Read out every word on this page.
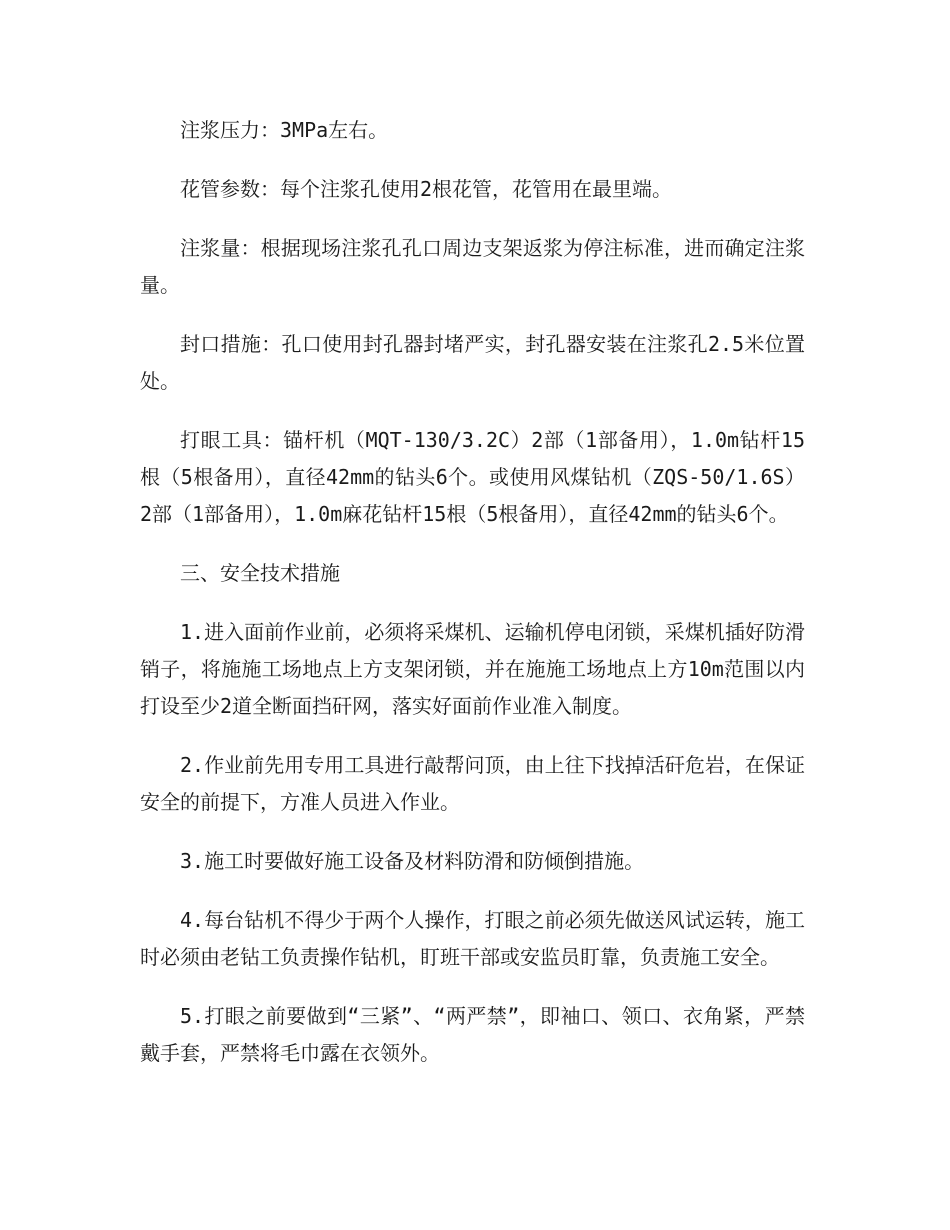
注浆压力：3MPa左右。

花管参数：每个注浆孔使用2根花管，花管用在最里端。

注浆量：根据现场注浆孔孔口周边支架返浆为停注标准，进而确定注浆量。

封口措施：孔口使用封孔器封堵严实，封孔器安装在注浆孔2.5米位置处。

打眼工具：锚杆机（MQT-130/3.2C）2部（1部备用），1.0m钻杆15根（5根备用），直径42mm的钻头6个。或使用风煤钻机（ZQS-50/1.6S）2部（1部备用），1.0m麻花钻杆15根（5根备用），直径42mm的钻头6个。

三、安全技术措施

1.进入面前作业前，必须将采煤机、运输机停电闭锁，采煤机插好防滑销子，将施施工场地点上方支架闭锁，并在施施工场地点上方10m范围以内打设至少2道全断面挡矸网，落实好面前作业准入制度。

2.作业前先用专用工具进行敲帮问顶，由上往下找掉活矸危岩，在保证安全的前提下，方准人员进入作业。

3.施工时要做好施工设备及材料防滑和防倾倒措施。

4.每台钻机不得少于两个人操作，打眼之前必须先做送风试运转，施工时必须由老钻工负责操作钻机，盯班干部或安监员盯靠，负责施工安全。

5.打眼之前要做到“三紧”、“两严禁”，即袖口、领口、衣角紧，严禁戴手套，严禁将毛巾露在衣领外。
